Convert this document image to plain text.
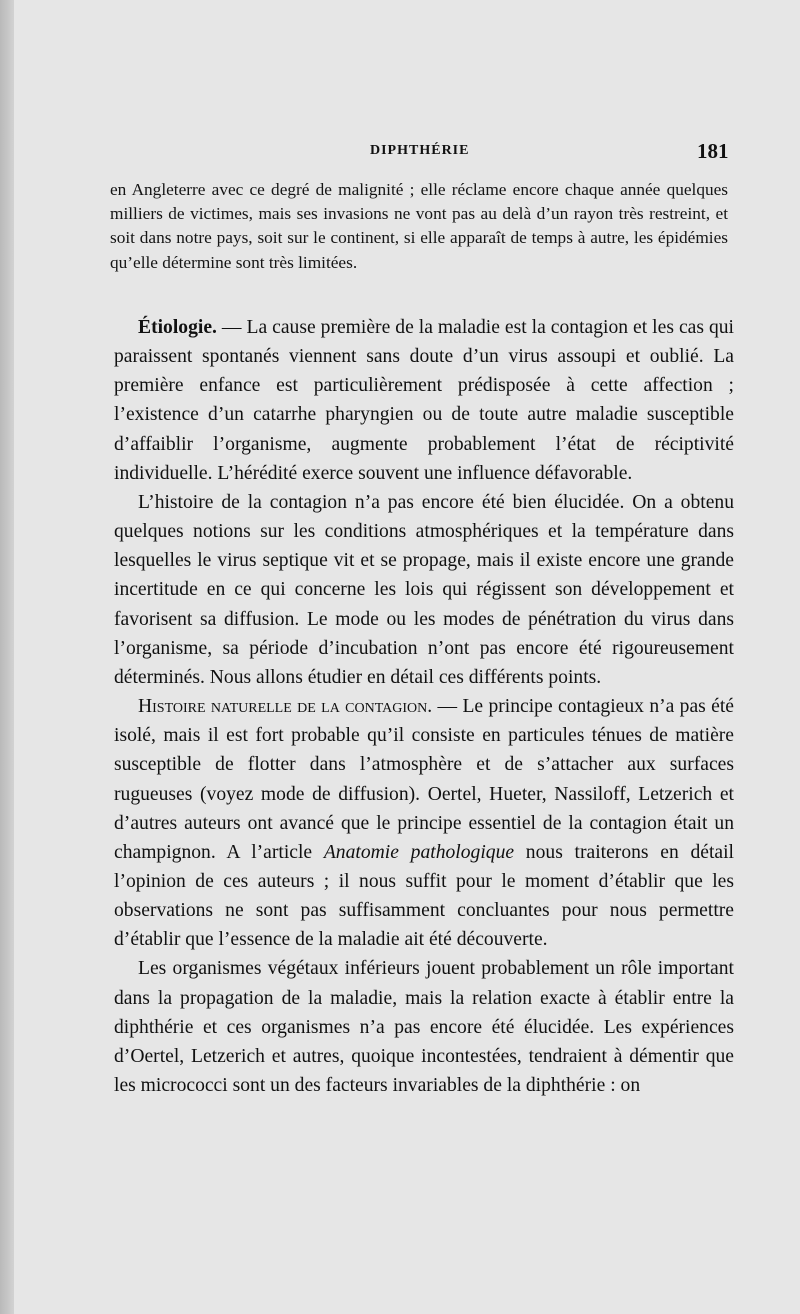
DIPHTHÉRIE	181

en Angleterre avec ce degré de malignité ; elle réclame encore chaque année quelques milliers de victimes, mais ses invasions ne vont pas au delà d’un rayon très restreint, et soit dans notre pays, soit sur le continent, si elle apparaît de temps à autre, les épidémies qu’elle détermine sont très limitées.

Étiologie. — La cause première de la maladie est la contagion et les cas qui paraissent spontanés viennent sans doute d’un virus assoupi et oublié. La première enfance est particulièrement prédisposée à cette affection ; l’existence d’un catarrhe pharyngien ou de toute autre maladie susceptible d’affaiblir l’organisme, augmente probablement l’état de réciptivité individuelle. L’hérédité exerce souvent une influence défavorable.

L’histoire de la contagion n’a pas encore été bien élucidée. On a obtenu quelques notions sur les conditions atmosphériques et la température dans lesquelles le virus septique vit et se propage, mais il existe encore une grande incertitude en ce qui concerne les lois qui régissent son développement et favorisent sa diffusion. Le mode ou les modes de pénétration du virus dans l’organisme, sa période d’incubation n’ont pas encore été rigoureusement déterminés. Nous allons étudier en détail ces différents points.

Histoire naturelle de la contagion. — Le principe contagieux n’a pas été isolé, mais il est fort probable qu’il consiste en particules ténues de matière susceptible de flotter dans l’atmosphère et de s’attacher aux surfaces rugueuses (voyez mode de diffusion). Oertel, Hueter, Nassiloff, Letzerich et d’autres auteurs ont avancé que le principe essentiel de la contagion était un champignon. A l’article Anatomie pathologique nous traiterons en détail l’opinion de ces auteurs ; il nous suffit pour le moment d’établir que les observations ne sont pas suffisamment concluantes pour nous permettre d’établir que l’essence de la maladie ait été découverte.

Les organismes végétaux inférieurs jouent probablement un rôle important dans la propagation de la maladie, mais la relation exacte à établir entre la diphthérie et ces organismes n’a pas encore été élucidée. Les expériences d’Oertel, Letzerich et autres, quoique incontestées, tendraient à démentir que les micrococci sont un des facteurs invariables de la diphthérie : on
